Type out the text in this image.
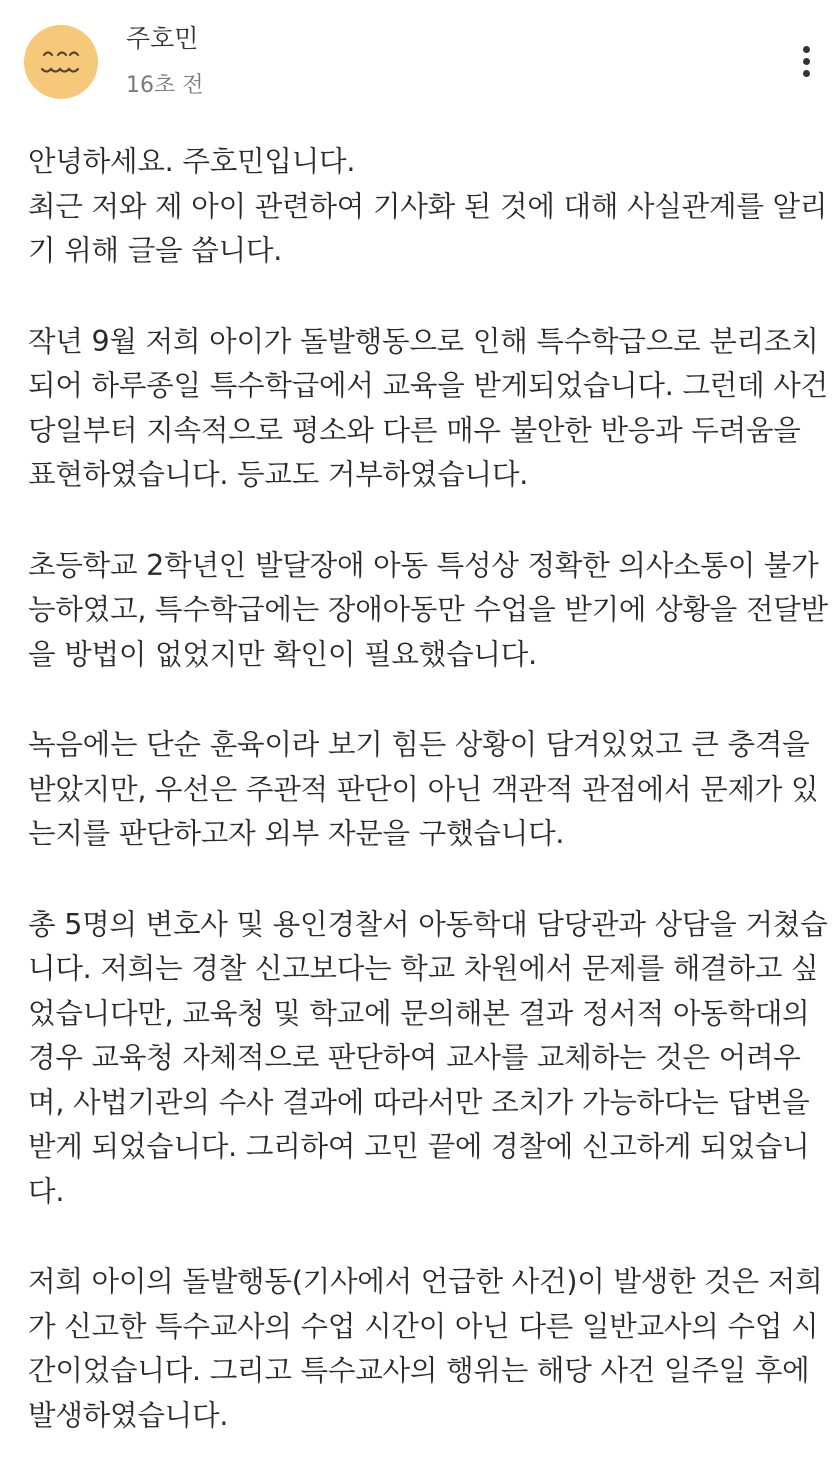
주호민
16초 전

안녕하세요. 주호민입니다.
최근 저와 제 아이 관련하여 기사화 된 것에 대해 사실관계를 알리
기 위해 글을 씁니다.

작년 9월 저희 아이가 돌발행동으로 인해 특수학급으로 분리조치
되어 하루종일 특수학급에서 교육을 받게되었습니다. 그런데 사건
당일부터 지속적으로 평소와 다른 매우 불안한 반응과 두려움을
표현하였습니다. 등교도 거부하였습니다.

초등학교 2학년인 발달장애 아동 특성상 정확한 의사소통이 불가
능하였고, 특수학급에는 장애아동만 수업을 받기에 상황을 전달받
을 방법이 없었지만 확인이 필요했습니다.

녹음에는 단순 훈육이라 보기 힘든 상황이 담겨있었고 큰 충격을
받았지만, 우선은 주관적 판단이 아닌 객관적 관점에서 문제가 있
는지를 판단하고자 외부 자문을 구했습니다.

총 5명의 변호사 및 용인경찰서 아동학대 담당관과 상담을 거쳤습
니다. 저희는 경찰 신고보다는 학교 차원에서 문제를 해결하고 싶
었습니다만, 교육청 및 학교에 문의해본 결과 정서적 아동학대의
경우 교육청 자체적으로 판단하여 교사를 교체하는 것은 어려우
며, 사법기관의 수사 결과에 따라서만 조치가 가능하다는 답변을
받게 되었습니다. 그리하여 고민 끝에 경찰에 신고하게 되었습니
다.

저희 아이의 돌발행동(기사에서 언급한 사건)이 발생한 것은 저희
가 신고한 특수교사의 수업 시간이 아닌 다른 일반교사의 수업 시
간이었습니다. 그리고 특수교사의 행위는 해당 사건 일주일 후에
발생하였습니다.
